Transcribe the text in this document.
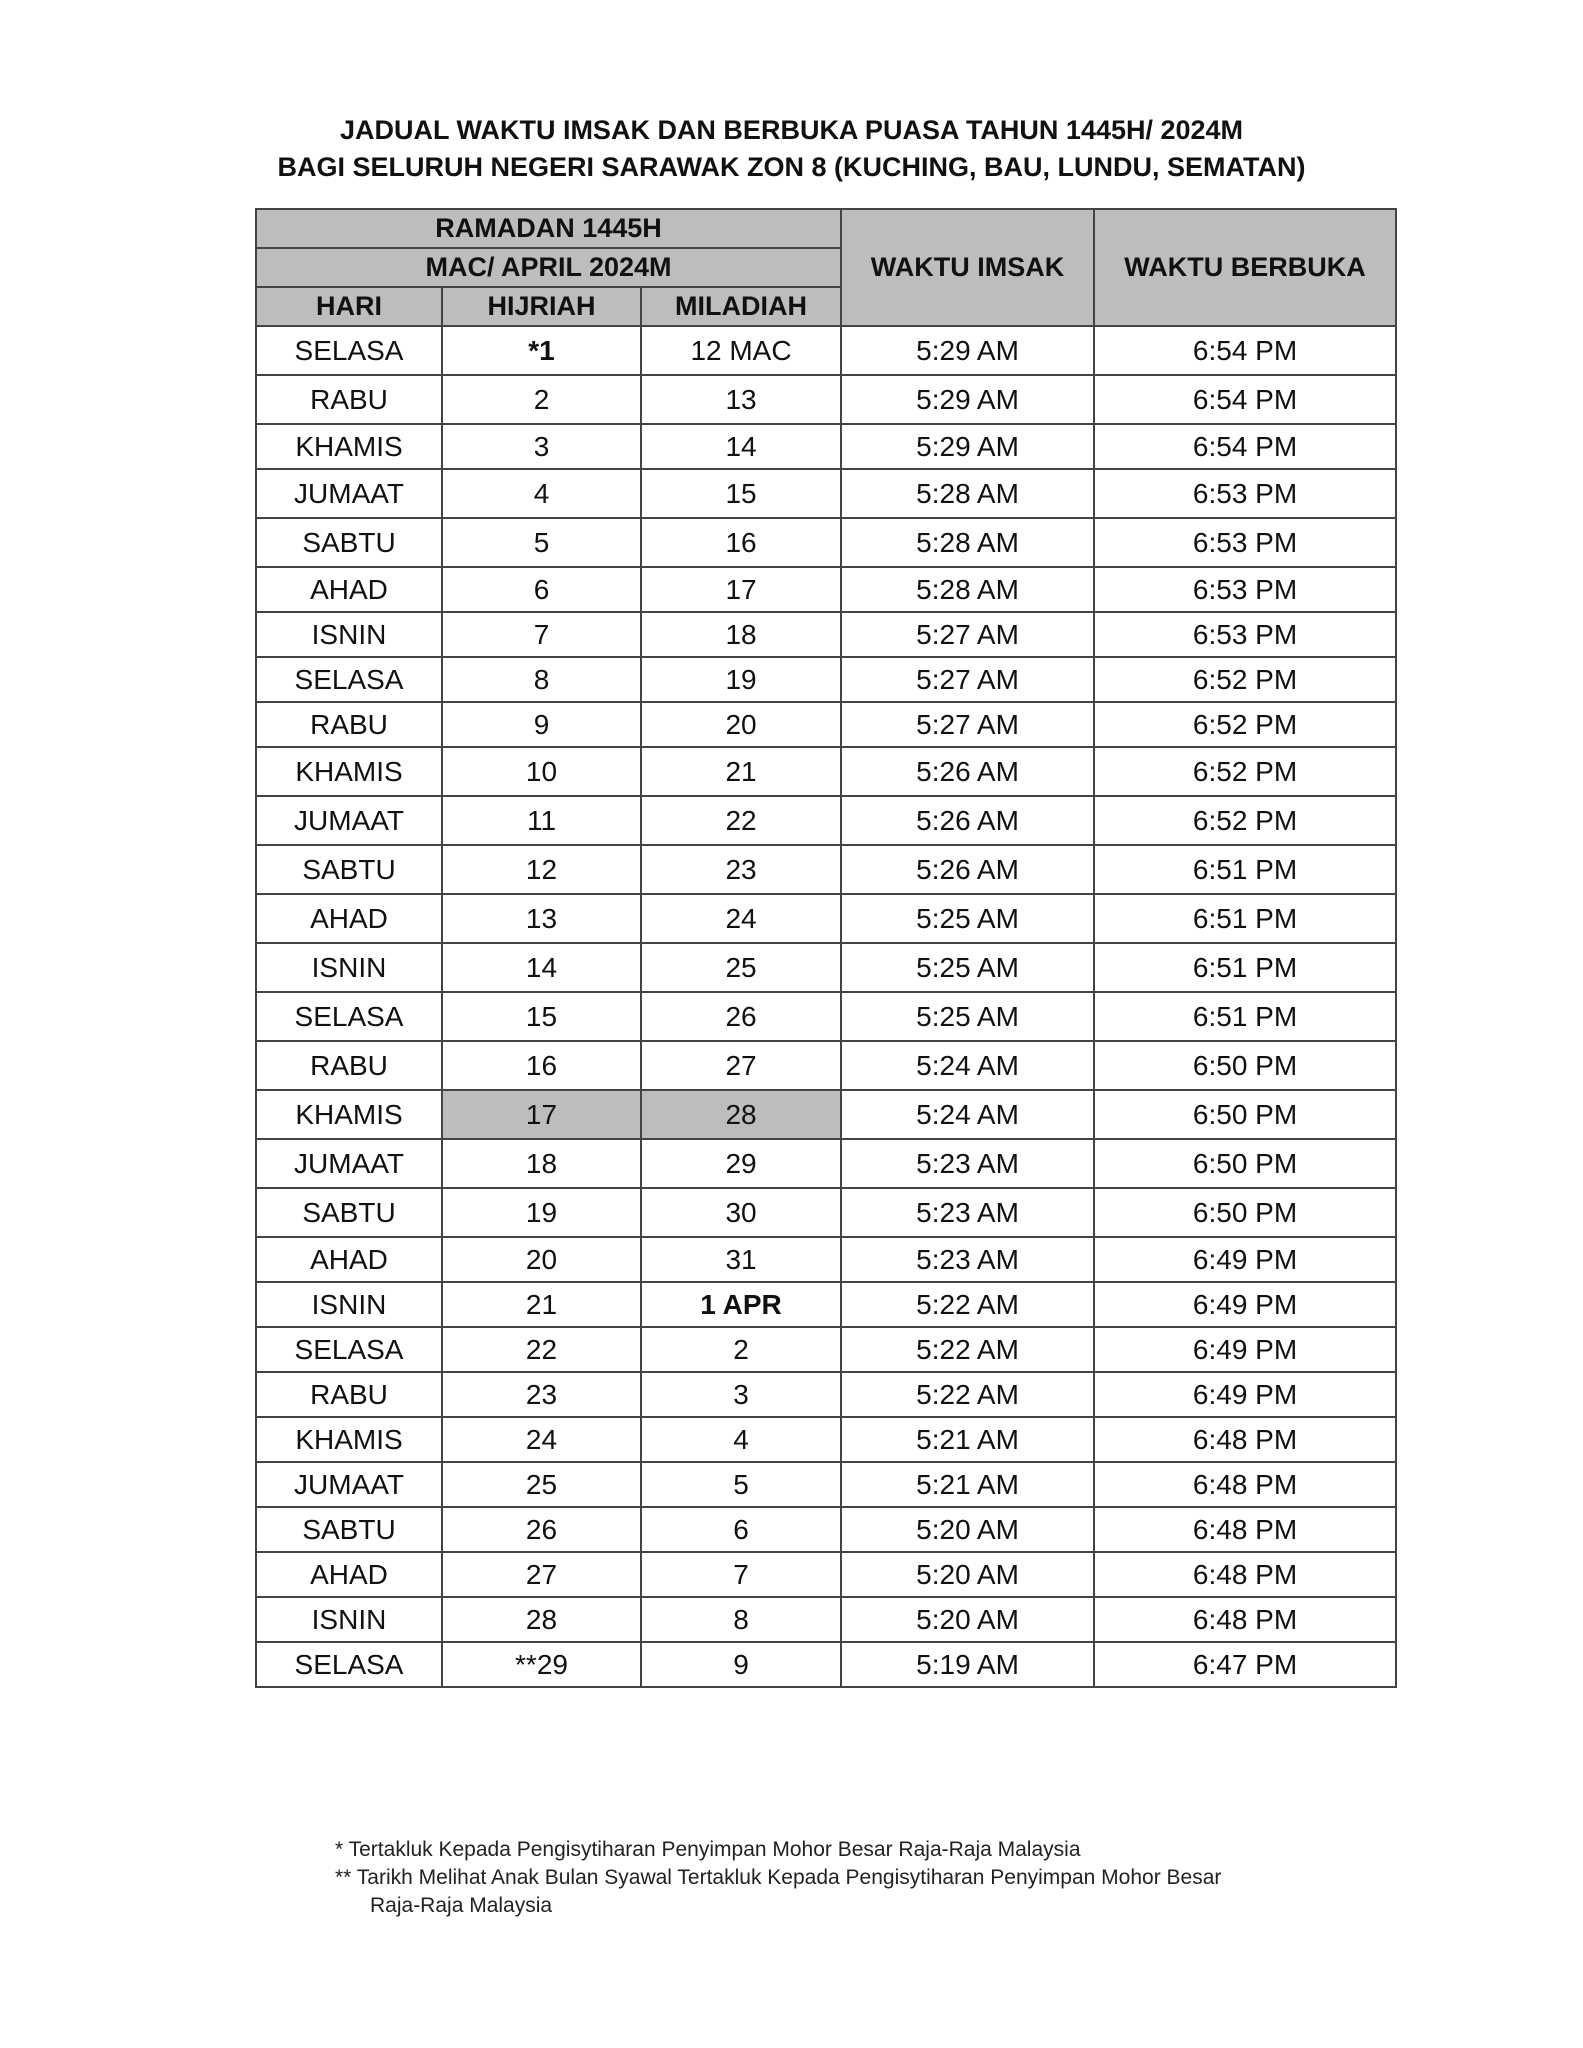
JADUAL WAKTU IMSAK DAN BERBUKA PUASA TAHUN 1445H/ 2024M
BAGI SELURUH NEGERI SARAWAK ZON 8 (KUCHING, BAU, LUNDU, SEMATAN)
RAMADAN 1445H			WAKTU IMSAK	WAKTU BERBUKA
MAC/ APRIL 2024M				
HARI	HIJRIAH	MILADIAH		
SELASA	*1	12 MAC	5:29 AM	6:54 PM
RABU	2	13	5:29 AM	6:54 PM
KHAMIS	3	14	5:29 AM	6:54 PM
JUMAAT	4	15	5:28 AM	6:53 PM
SABTU	5	16	5:28 AM	6:53 PM
AHAD	6	17	5:28 AM	6:53 PM
ISNIN	7	18	5:27 AM	6:53 PM
SELASA	8	19	5:27 AM	6:52 PM
RABU	9	20	5:27 AM	6:52 PM
KHAMIS	10	21	5:26 AM	6:52 PM
JUMAAT	11	22	5:26 AM	6:52 PM
SABTU	12	23	5:26 AM	6:51 PM
AHAD	13	24	5:25 AM	6:51 PM
ISNIN	14	25	5:25 AM	6:51 PM
SELASA	15	26	5:25 AM	6:51 PM
RABU	16	27	5:24 AM	6:50 PM
KHAMIS	17	28	5:24 AM	6:50 PM
JUMAAT	18	29	5:23 AM	6:50 PM
SABTU	19	30	5:23 AM	6:50 PM
AHAD	20	31	5:23 AM	6:49 PM
ISNIN	21	1 APR	5:22 AM	6:49 PM
SELASA	22	2	5:22 AM	6:49 PM
RABU	23	3	5:22 AM	6:49 PM
KHAMIS	24	4	5:21 AM	6:48 PM
JUMAAT	25	5	5:21 AM	6:48 PM
SABTU	26	6	5:20 AM	6:48 PM
AHAD	27	7	5:20 AM	6:48 PM
ISNIN	28	8	5:20 AM	6:48 PM
SELASA	**29	9	5:19 AM	6:47 PM
* Tertakluk Kepada Pengisytiharan Penyimpan Mohor Besar Raja-Raja Malaysia
** Tarikh Melihat Anak Bulan Syawal Tertakluk Kepada Pengisytiharan Penyimpan Mohor Besar
Raja-Raja Malaysia
